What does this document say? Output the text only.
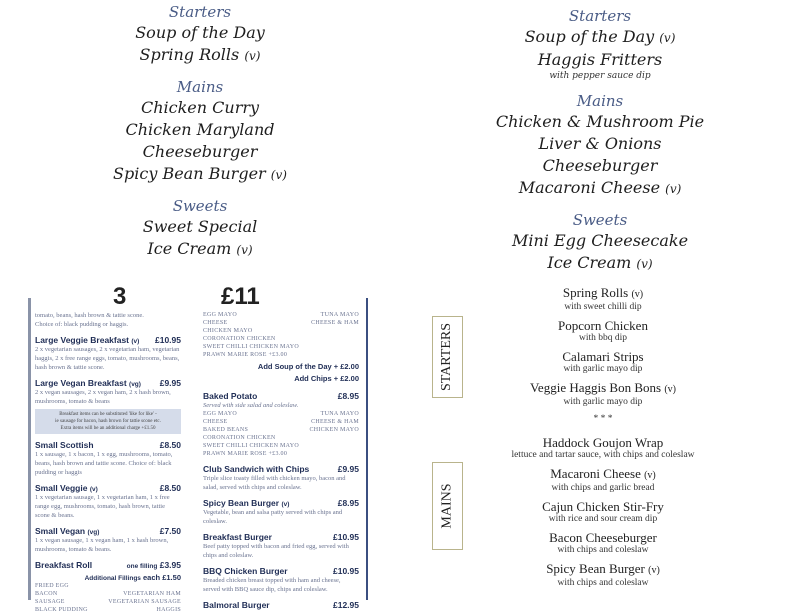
Starters
Soup of the Day
Spring Rolls (v)
Mains
Chicken Curry
Chicken Maryland
Cheeseburger
Spicy Bean Burger (v)
Sweets
Sweet Special
Ice Cream (v)
Starters
Soup of the Day (v)
Haggis Fritters
with pepper sauce dip
Mains
Chicken & Mushroom Pie
Liver & Onions
Cheeseburger
Macaroni Cheese (v)
Sweets
Mini Egg Cheesecake
Ice Cream (v)
3	£11
tomato, beans, hash brown & tattie scone.
Choice of: black pudding or haggis.
Large Veggie Breakfast (v) £10.95
2 x vegetarian sausages, 2 x vegetarian ham, vegetarian haggis, 2 x free range eggs, tomato, mushrooms, beans, hash brown & tattie scone.
Large Vegan Breakfast (vg) £9.95
2 x vegan sausages, 2 x vegan ham, 2 x hash brown, mushrooms, tomato & beans
Breakfast items can be substituted 'like for like' -
ie sausage for bacon, hash brown for tattie scone etc.
Extra items will be an additional charge +£1.50
Small Scottish	£8.50
1 x sausage, 1 x bacon, 1 x egg, mushrooms, tomato, beans, hash brown and tattie scone. Choice of: black pudding or haggis
Small Veggie (v)	£8.50
1 x vegetarian sausage, 1 x vegetarian ham, 1 x free range egg, mushrooms, tomato, hash brown, tattie scone & beans.
Small Vegan (vg)	£7.50
1 x vegan sausage, 1 x vegan ham, 1 x hash brown, mushrooms, tomato & beans.
Breakfast Roll	one filling £3.95
Additional Fillings each £1.50
FRIED EGG
BACON	VEGETARIAN HAM
SAUSAGE	VEGETARIAN SAUSAGE
BLACK PUDDING	HAGGIS
EGG MAYO	TUNA MAYO
CHEESE	CHEESE & HAM
CHICKEN MAYO
CORONATION CHICKEN
SWEET CHILLI CHICKEN MAYO
PRAWN MARIE ROSE +£3.00
Add Soup of the Day + £2.00
Add Chips + £2.00
Baked Potato	£8.95
Served with side salad and coleslaw.
EGG MAYO	TUNA MAYO
CHEESE	CHEESE & HAM
BAKED BEANS	CHICKEN MAYO
CORONATION CHICKEN
SWEET CHILLI CHICKEN MAYO
PRAWN MARIE ROSE +£3.00
Club Sandwich with Chips	£9.95
Triple slice toasty filled with chicken mayo, bacon and salad, served with chips and coleslaw.
Spicy Bean Burger (v)	£8.95
Vegetable, bean and salsa patty served with chips and coleslaw.
Breakfast Burger	£10.95
Beef patty topped with bacon and fried egg, served with chips and coleslaw.
BBQ Chicken Burger	£10.95
Breaded chicken breast topped with ham and cheese, served with BBQ sauce dip, chips and coleslaw.
Balmoral Burger	£12.95
STARTERS
MAINS
Spring Rolls (v)
with sweet chilli dip
Popcorn Chicken
with bbq dip
Calamari Strips
with garlic mayo dip
Veggie Haggis Bon Bons (v)
with garlic mayo dip
* * *
Haddock Goujon Wrap
lettuce and tartar sauce, with chips and coleslaw
Macaroni Cheese (v)
with chips and garlic bread
Cajun Chicken Stir-Fry
with rice and sour cream dip
Bacon Cheeseburger
with chips and coleslaw
Spicy Bean Burger (v)
with chips and coleslaw
